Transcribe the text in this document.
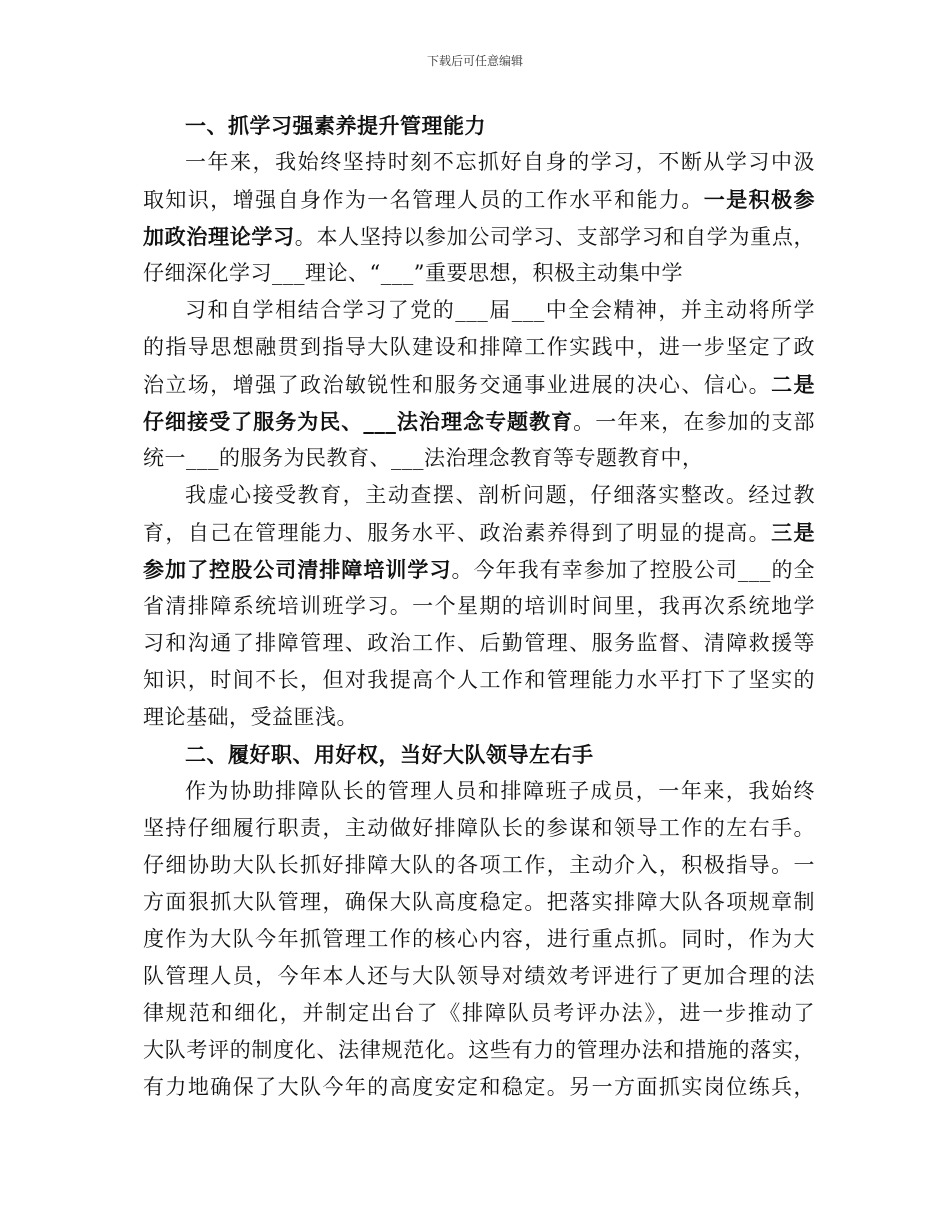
下载后可任意编辑
一、抓学习强素养提升管理能力
一年来，我始终坚持时刻不忘抓好自身的学习，不断从学习中汲
取知识，增强自身作为一名管理人员的工作水平和能力。一是积极参
加政治理论学习。本人坚持以参加公司学习、支部学习和自学为重点，
仔细深化学习___理论、“___”重要思想，积极主动集中学
习和自学相结合学习了党的___届___中全会精神，并主动将所学
的指导思想融贯到指导大队建设和排障工作实践中，进一步坚定了政
治立场，增强了政治敏锐性和服务交通事业进展的决心、信心。二是
仔细接受了服务为民、___法治理念专题教育。一年来，在参加的支部
统一___的服务为民教育、___法治理念教育等专题教育中，
我虚心接受教育，主动查摆、剖析问题，仔细落实整改。经过教
育，自己在管理能力、服务水平、政治素养得到了明显的提高。三是
参加了控股公司清排障培训学习。今年我有幸参加了控股公司___的全
省清排障系统培训班学习。一个星期的培训时间里，我再次系统地学
习和沟通了排障管理、政治工作、后勤管理、服务监督、清障救援等
知识，时间不长，但对我提高个人工作和管理能力水平打下了坚实的
理论基础，受益匪浅。
二、履好职、用好权，当好大队领导左右手
作为协助排障队长的管理人员和排障班子成员，一年来，我始终
坚持仔细履行职责，主动做好排障队长的参谋和领导工作的左右手。
仔细协助大队长抓好排障大队的各项工作，主动介入，积极指导。一
方面狠抓大队管理，确保大队高度稳定。把落实排障大队各项规章制
度作为大队今年抓管理工作的核心内容，进行重点抓。同时，作为大
队管理人员，今年本人还与大队领导对绩效考评进行了更加合理的法
律规范和细化，并制定出台了《排障队员考评办法》，进一步推动了
大队考评的制度化、法律规范化。这些有力的管理办法和措施的落实，
有力地确保了大队今年的高度安定和稳定。另一方面抓实岗位练兵，
